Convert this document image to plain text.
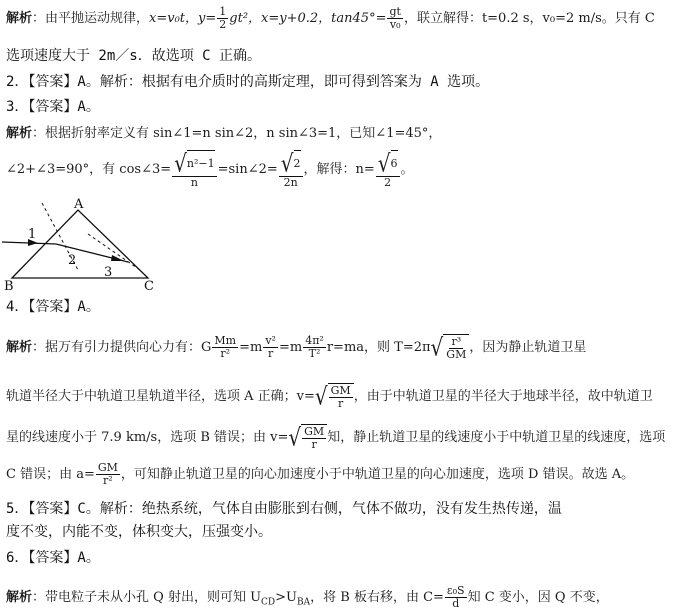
解析：由平抛运动规律，x=v₀t，$y= \frac{1}{2} gt^2$，x=y+0.2，$\tan 45^\circ= \frac{gt}{\text{v₀}}$ ，联立解得：t=0.2 s，v₀=2 m/s。只有 C
选项速度大于 2m／s．故选项 C 正确。
2．【答案】A。解析：根据有电介质时的高斯定理，即可得到答案为 A 选项。
3．【答案】A。
解析：根据折射率定义有 sin∠1=n sin∠2，n sin∠3=1，已知∠1=45°，
∠2+∠3=90°，有 cos∠3= $\frac{\text{√ n²−1}}{n}$ =sin∠2= $\frac{√ 2}{2n}$ ，解得：$n= \frac{√ 6}{2}$ 。
A
B	C
1
2
3
4．【答案】A。
解析：据万有引力提供向心力有：G $\frac{Mm}{\text{r²}} =m \frac{\text{v²}}{r} =m \frac{\text{4π²}}{\text{T²}} r=ma$，则 T=2π √ $\frac{\text{r³}}{GM}$ ，因为静止轨道卫星
轨道半径大于中轨道卫星轨道半径，选项 A 正确；v= √ $\frac{GM}{r}$ ，由于中轨道卫星的半径大于地球半径，故中轨道卫
星的线速度小于 7.9 km/s，选项 B 错误；由 v= √ $\frac{GM}{r}$ 知，静止轨道卫星的线速度小于中轨道卫星的线速度，选项
C 错误；由 $a= \frac{GM}{\text{r²}}$ ，可知静止轨道卫星的向心加速度小于中轨道卫星的向心加速度，选项 D 错误。故选 A。
5．【答案】C。解析：绝热系统，气体自由膨胀到右侧，气体不做功，没有发生热传递，温
度不变，内能不变，体积变大，压强变小。
6．【答案】A。
解析：带电粒子未从小孔 Q 射出，则可知 $U_{CD}>U_{BA}$，将 B 板右移，由 $C= \frac{\text{ε₀S}}{d}$ 知 C 变小，因 Q 不变，
